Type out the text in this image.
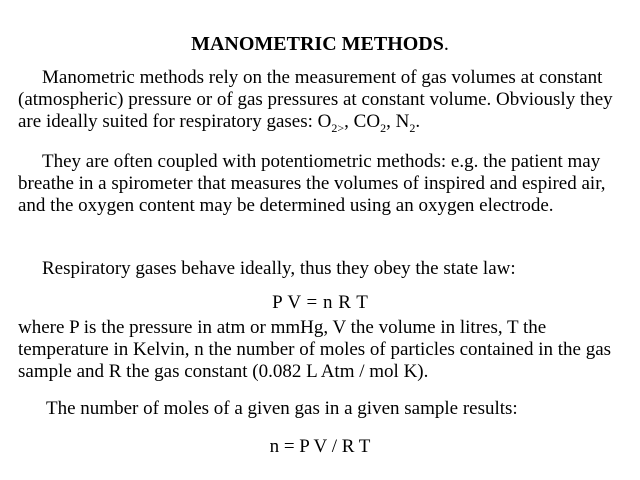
MANOMETRIC METHODS.

Manometric methods rely on the measurement of gas volumes at constant (atmospheric) pressure or of gas pressures at constant volume. Obviously they are ideally suited for respiratory gases: $O_{2>}$, $CO_2$, $N_2$.

They are often coupled with potentiometric methods: e.g. the patient may breathe in a spirometer that measures the volumes of inspired and espired air, and the oxygen content may be determined using an oxygen electrode.

Respiratory gases behave ideally, thus they obey the state law:

P V = n R T

where P is the pressure in atm or mmHg, V the volume in litres, T the temperature in Kelvin, n the number of moles of particles contained in the gas sample and R the gas constant (0.082 L Atm / mol K).

The number of moles of a given gas in a given sample results:

n = P V / R T
